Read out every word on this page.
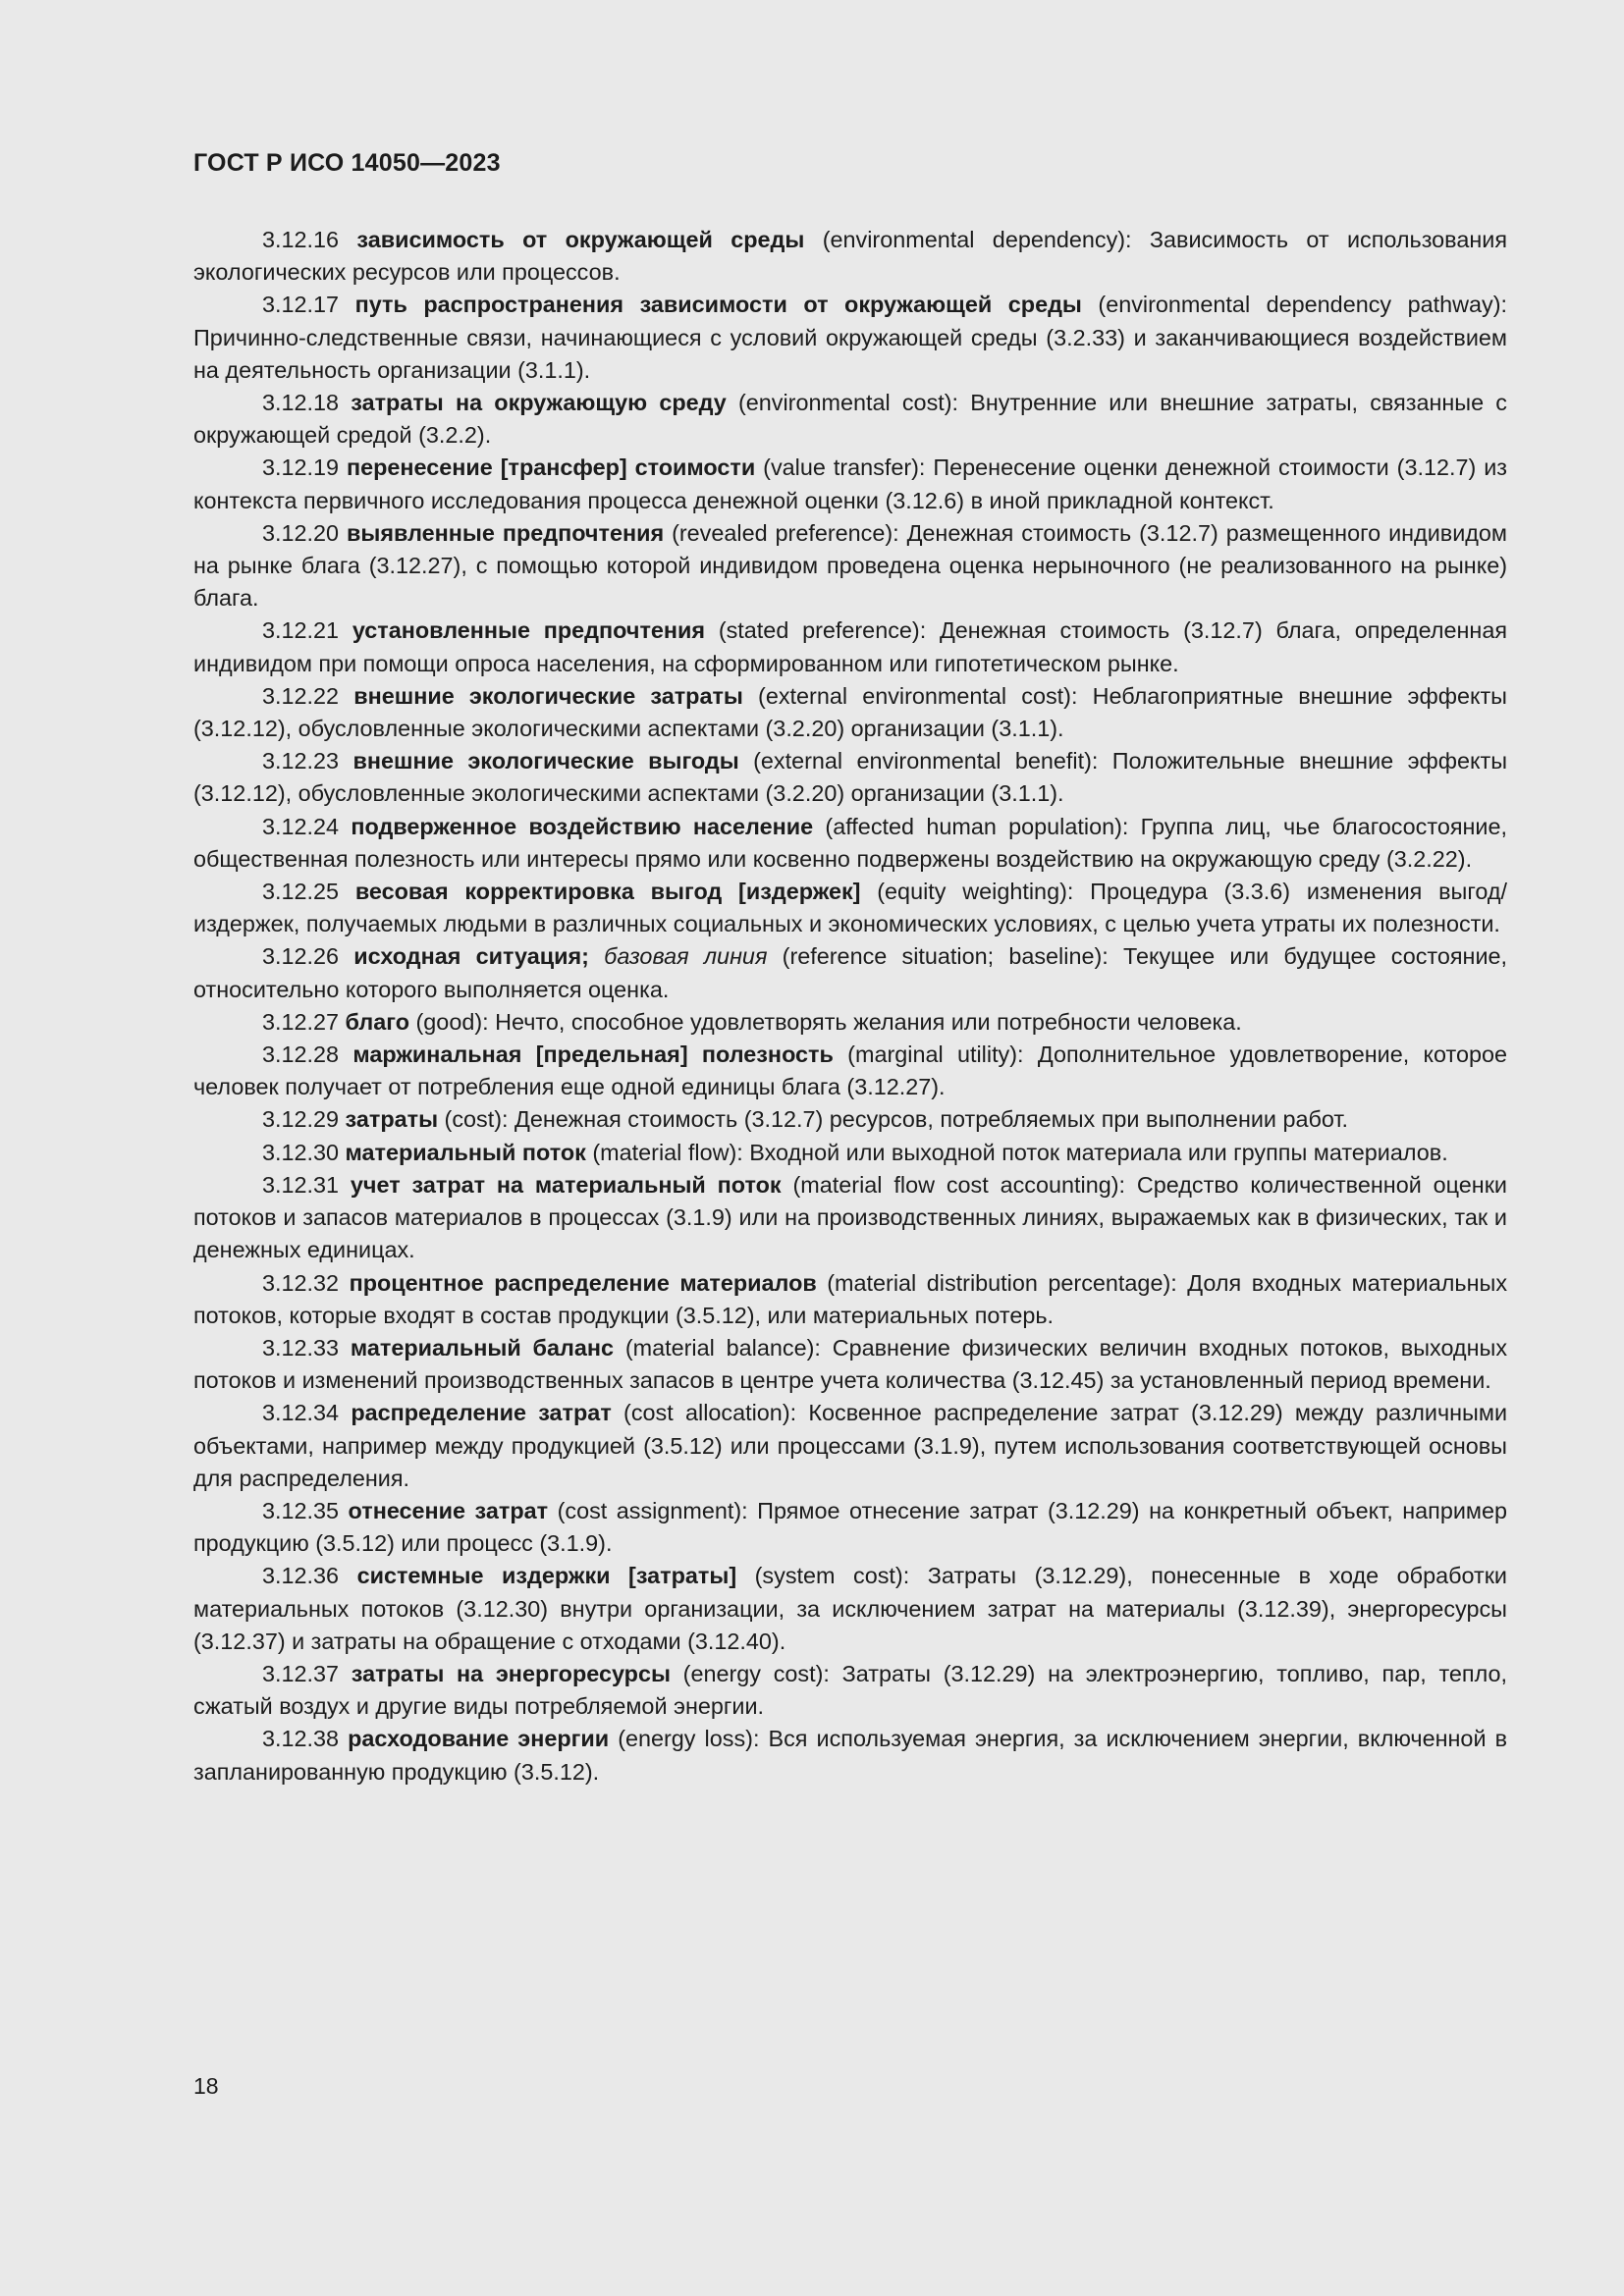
ГОСТ Р ИСО 14050—2023

3.12.16 зависимость от окружающей среды (environmental dependency): Зависимость от использования экологических ресурсов или процессов.

3.12.17 путь распространения зависимости от окружающей среды (environmental dependency pathway): Причинно-следственные связи, начинающиеся с условий окружающей среды (3.2.33) и заканчивающиеся воздействием на деятельность организации (3.1.1).

3.12.18 затраты на окружающую среду (environmental cost): Внутренние или внешние затраты, связанные с окружающей средой (3.2.2).

3.12.19 перенесение [трансфер] стоимости (value transfer): Перенесение оценки денежной стоимости (3.12.7) из контекста первичного исследования процесса денежной оценки (3.12.6) в иной прикладной контекст.

3.12.20 выявленные предпочтения (revealed preference): Денежная стоимость (3.12.7) размещенного индивидом на рынке блага (3.12.27), с помощью которой индивидом проведена оценка нерыночного (не реализованного на рынке) блага.

3.12.21 установленные предпочтения (stated preference): Денежная стоимость (3.12.7) блага, определенная индивидом при помощи опроса населения, на сформированном или гипотетическом рынке.

3.12.22 внешние экологические затраты (external environmental cost): Неблагоприятные внешние эффекты (3.12.12), обусловленные экологическими аспектами (3.2.20) организации (3.1.1).

3.12.23 внешние экологические выгоды (external environmental benefit): Положительные внешние эффекты (3.12.12), обусловленные экологическими аспектами (3.2.20) организации (3.1.1).

3.12.24 подверженное воздействию население (affected human population): Группа лиц, чье благосостояние, общественная полезность или интересы прямо или косвенно подвержены воздействию на окружающую среду (3.2.22).

3.12.25 весовая корректировка выгод [издержек] (equity weighting): Процедура (3.3.6) изменения выгод/издержек, получаемых людьми в различных социальных и экономических условиях, с целью учета утраты их полезности.

3.12.26 исходная ситуация; базовая линия (reference situation; baseline): Текущее или будущее состояние, относительно которого выполняется оценка.

3.12.27 благо (good): Нечто, способное удовлетворять желания или потребности человека.

3.12.28 маржинальная [предельная] полезность (marginal utility): Дополнительное удовлетворение, которое человек получает от потребления еще одной единицы блага (3.12.27).

3.12.29 затраты (cost): Денежная стоимость (3.12.7) ресурсов, потребляемых при выполнении работ.

3.12.30 материальный поток (material flow): Входной или выходной поток материала или группы материалов.

3.12.31 учет затрат на материальный поток (material flow cost accounting): Средство количественной оценки потоков и запасов материалов в процессах (3.1.9) или на производственных линиях, выражаемых как в физических, так и денежных единицах.

3.12.32 процентное распределение материалов (material distribution percentage): Доля входных материальных потоков, которые входят в состав продукции (3.5.12), или материальных потерь.

3.12.33 материальный баланс (material balance): Сравнение физических величин входных потоков, выходных потоков и изменений производственных запасов в центре учета количества (3.12.45) за установленный период времени.

3.12.34 распределение затрат (cost allocation): Косвенное распределение затрат (3.12.29) между различными объектами, например между продукцией (3.5.12) или процессами (3.1.9), путем использования соответствующей основы для распределения.

3.12.35 отнесение затрат (cost assignment): Прямое отнесение затрат (3.12.29) на конкретный объект, например продукцию (3.5.12) или процесс (3.1.9).

3.12.36 системные издержки [затраты] (system cost): Затраты (3.12.29), понесенные в ходе обработки материальных потоков (3.12.30) внутри организации, за исключением затрат на материалы (3.12.39), энергоресурсы (3.12.37) и затраты на обращение с отходами (3.12.40).

3.12.37 затраты на энергоресурсы (energy cost): Затраты (3.12.29) на электроэнергию, топливо, пар, тепло, сжатый воздух и другие виды потребляемой энергии.

3.12.38 расходование энергии (energy loss): Вся используемая энергия, за исключением энергии, включенной в запланированную продукцию (3.5.12).

18
